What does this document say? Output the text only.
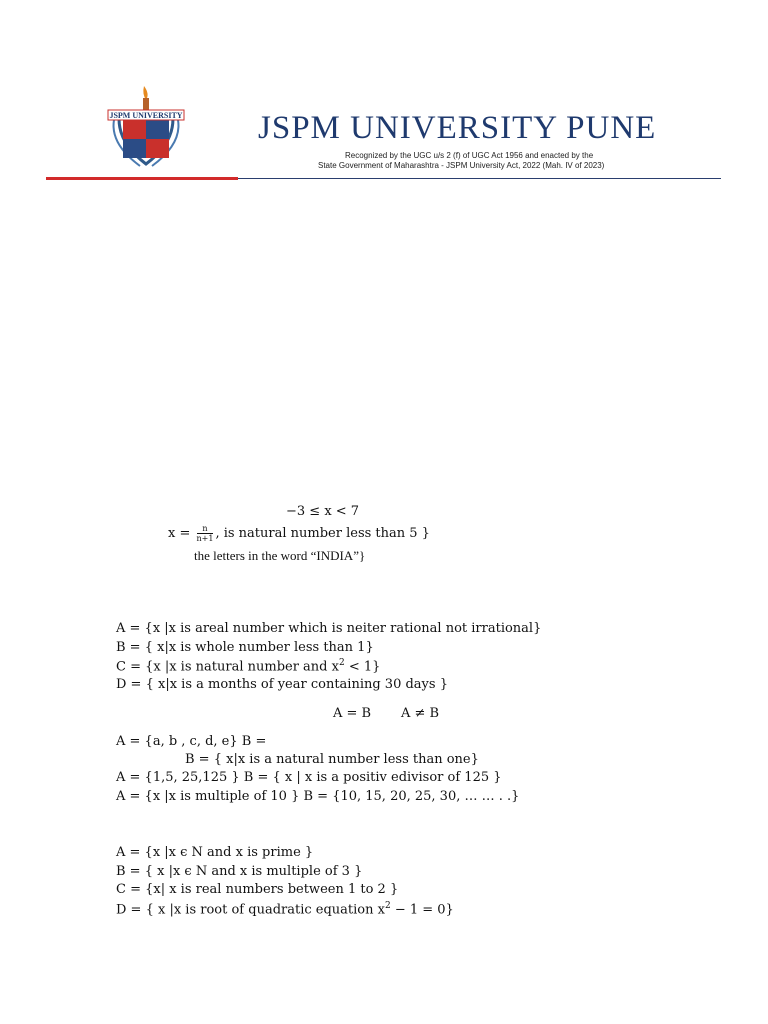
JSPM UNIVERSITY JSPM UNIVERSITY PUNE
Recognized by the UGC u/s 2 (f) of UGC Act 1956 and enacted by the
State Government of Maharashtra - JSPM University Act, 2022 (Mah. IV of 2023)
−3 ≤ x < 7
$x = \frac{n}{n+1}$ , is natural number less than 5 }
the letters in the word “INDIA”}
A = {x |x is areal number which is neiter rational not irrational}
B = { x|x is whole number less than 1}
C = {x |x is natural number and $x^2 < 1$}
D = { x|x is a months of year containing 30 days }
A = B A ≠ B
A = {a, b , c, d, e} B =
B = { x|x is a natural number less than one}
A = {1,5, 25,125 } B = { x | x is a positiv edivisor of 125 }
A = {x |x is multiple of 10 } B = {10, 15, 20, 25, 30, … … . .}
A = {x |x ϵ N and x is prime }
B = { x |x ϵ N and x is multiple of 3 }
C = {x| x is real numbers between 1 to 2 }
D = { x |x is root of quadratic equation $x^2 - 1 = 0$}
